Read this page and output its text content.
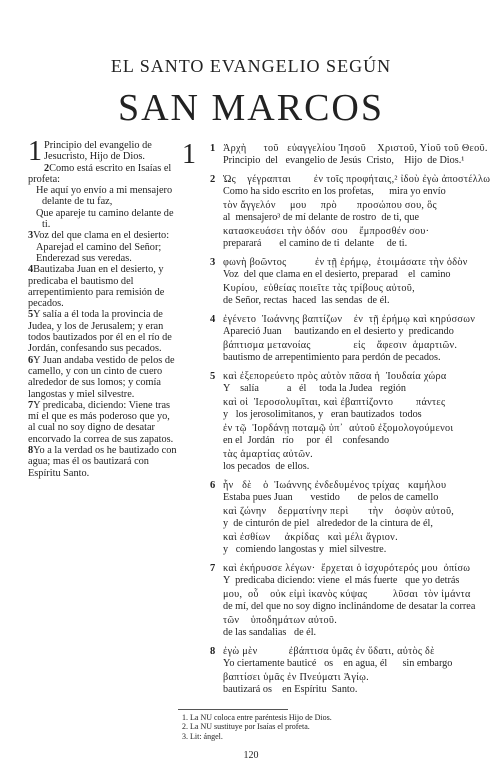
EL SANTO EVANGELIO SEGÚN
SAN MARCOS
1 Principio del evangelio de Jesucristo, Hijo de Dios.

2Como está escrito en Isaías el profeta:

He aquí yo envío a mi mensajero delante de tu faz,

Que apareje tu camino delante de ti.

3Voz del que clama en el desierto:

Aparejad el camino del Señor;

Enderezad sus veredas.

4Bautizaba Juan en el desierto, y predicaba el bautismo del arrepentimiento para remisión de pecados.

5Y salía a él toda la provincia de Judea, y los de Jerusalem; y eran todos bautizados por él en el río de Jordán, confesando sus pecados.

6Y Juan andaba vestido de pelos de camello, y con un cinto de cuero alrededor de sus lomos; y comía langostas y miel silvestre.

7Y predicaba, diciendo: Viene tras mí el que es más poderoso que yo, al cual no soy digno de desatar encorvado la correa de sus zapatos.

8Yo a la verdad os he bautizado con agua; mas él os bautizará con Espíritu Santo.

1 1 Ἀρχὴ      τοῦ   εὐαγγελίου Ἰησοῦ    Χριστοῦ, Υἱοῦ τοῦ Θεοῦ.
Principio  del   evangelio de Jesús  Cristo,    Hijo  de Dios.¹
2 Ὡς    γέγραπται        ἐν τοῖς προφήταις,² ἰδοὺ ἐγὼ ἀποστέλλω
Como ha sido escrito en los profetas,      mira yo envío
τὸν ἄγγελόν     μου     πρὸ       προσώπου σου, ὃς
al  mensajero³ de mí delante de rostro  de ti, que
κατασκευάσει τὴν ὁδόν  σου    ἔμπροσθέν σου·
preparará       el camino de ti  delante     de ti.
3 φωνὴ βοῶντος          ἐν τῇ ἐρήμῳ,  ἑτοιμάσατε τὴν ὁδὸν
Voz  del que clama en el desierto, preparad    el  camino
Κυρίου,  εὐθείας ποιεῖτε τὰς τρίβους αὐτοῦ,
de Señor, rectas  haced  las sendas  de él.
4 ἐγένετο  Ἰωάννης βαπτίζων    ἐν  τῇ ἐρήμῳ καὶ κηρύσσων
Apareció Juan     bautizando en el desierto y  predicando
βάπτισμα μετανοίας               εἰς    ἄφεσιν  ἁμαρτιῶν.
bautismo de arrepentimiento para perdón de pecados.
5 καὶ ἐξεπορεύετο πρὸς αὐτὸν πᾶσα ἡ  Ἰουδαία χώρα
Y    salía           a   él     toda la Judea   región
καὶ οἱ  Ἱεροσολυμῖται, καὶ ἐβαπτίζοντο        πάντες
y   los jerosolimitanos, y   eran bautizados  todos
ἐν τῷ  Ἰορδάνῃ ποταμῷ ὑπ᾿  αὐτοῦ ἐξομολογούμενοι
en el  Jordán   río     por  él    confesando
τὰς ἁμαρτίας αὐτῶν.
los pecados  de ellos.
6 ἦν   δὲ    ὁ  Ἰωάννης ἐνδεδυμένος τρίχας   καμήλου
Estaba pues Juan       vestido       de pelos de camello
καὶ ζώνην    δερματίνην περὶ       τὴν    ὀσφὺν αὐτοῦ,
y  de cinturón de piel   alrededor de la cintura de él,
καὶ ἐσθίων     ἀκρίδας   καὶ μέλι ἄγριον.
y   comiendo langostas y  miel silvestre.
7 καὶ ἐκήρυσσε λέγων·  ἔρχεται ὁ ἰσχυρότερός μου  ὀπίσω
Y  predicaba diciendo: viene  el más fuerte   que yo detrás
μου,  οὗ    οὐκ εἰμὶ ἱκανὸς κύψας         λῦσαι  τὸν ἱμάντα
de mí, del que no soy digno inclinándome de desatar la correa
τῶν    ὑποδημάτων αὐτοῦ.
de las sandalias   de él.
8 ἐγὼ μὲν           ἐβάπτισα ὑμᾶς ἐν ὕδατι, αὐτὸς δὲ
Yo ciertamente bauticé   os    en agua, él      sin embargo
βαπτίσει ὑμᾶς ἐν Πνεύματι Ἁγίῳ.
bautizará os    en Espíritu  Santo.
1. La NU coloca entre paréntesis Hijo de Dios.
2. La NU sustituye por Isaías el profeta.
3. Lit: ángel.
120
